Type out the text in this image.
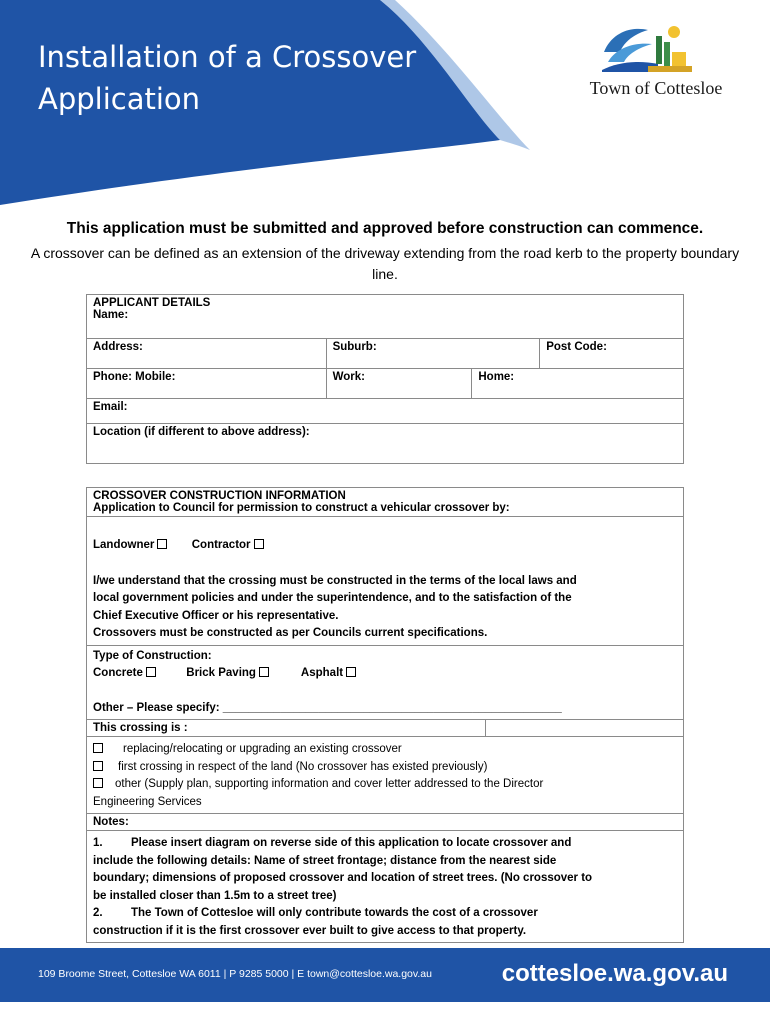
Installation of a Crossover
Application	Town of Cottesloe
This application must be submitted and approved before construction can commence.
A crossover can be defined as an extension of the driveway extending from the road kerb to the property boundary line.
APPLICANT DETAILS
Name:			
Address:	Suburb:		Post Code:
Phone: Mobile:	Work:	Home:	
Email:			
Location (if different to above address):			
CROSSOVER CONSTRUCTION INFORMATION
Application to Council for permission to construct a vehicular crossover by:
Landowner	Contractor
I/we understand that the crossing must be constructed in the terms of the local laws and
local government policies and under the superintendence, and to the satisfaction of the
Chief Executive Officer or his representative.
Crossovers must be constructed as per Councils current specifications.
Type of Construction:
Concrete	Brick Paving	Asphalt
Other – Please specify: _____________________________________________________
This crossing is :	
replacing/relocating or upgrading an existing crossover
first crossing in respect of the land (No crossover has existed previously)
other (Supply plan, supporting information and cover letter addressed to the Director
Engineering Services
Notes:
1. Please insert diagram on reverse side of this application to locate crossover and
include the following details: Name of street frontage; distance from the nearest side
boundary; dimensions of proposed crossover and location of street trees. (No crossover to
be installed closer than 1.5m to a street tree)
2. The Town of Cottesloe will only contribute towards the cost of a crossover
construction if it is the first crossover ever built to give access to that property.
109 Broome Street, Cottesloe WA 6011 | P 9285 5000 | E town@cottesloe.wa.gov.au	cottesloe.wa.gov.au
